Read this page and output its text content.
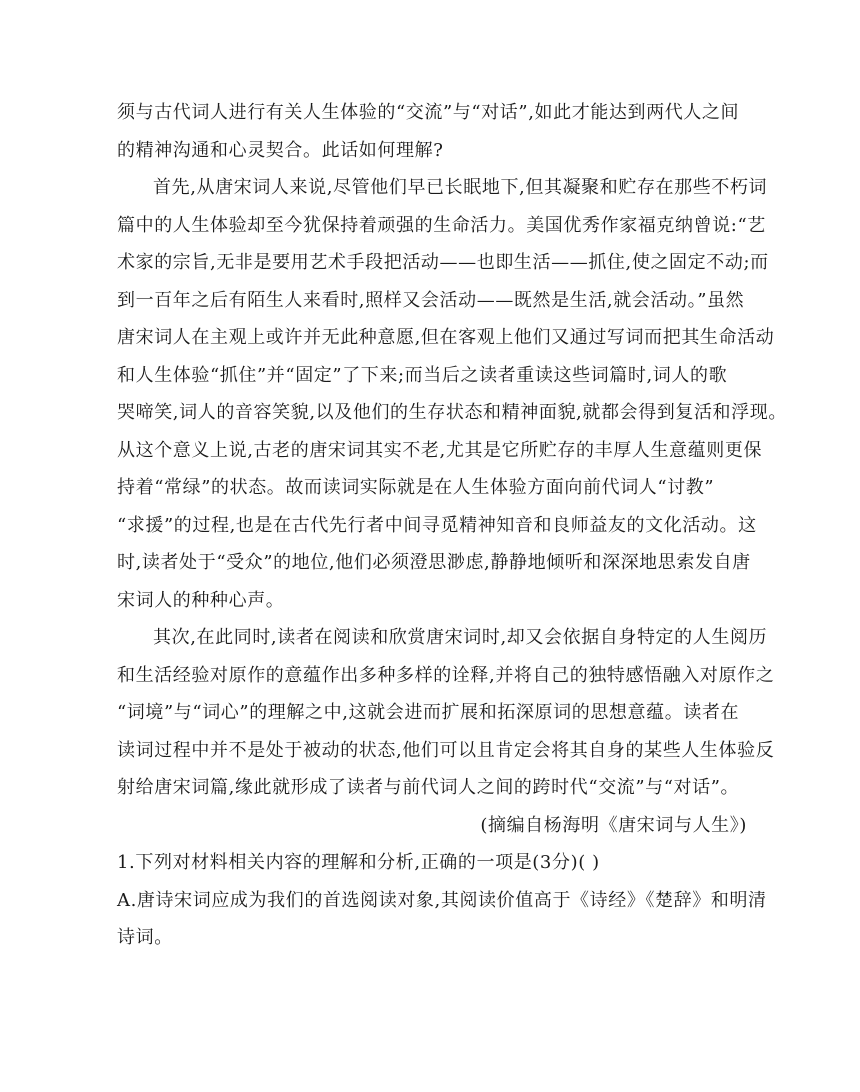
须与古代词人进行有关人生体验的“交流”与“对话”,如此才能达到两代人之间
的精神沟通和心灵契合。此话如何理解?
首先,从唐宋词人来说,尽管他们早已长眠地下,但其凝聚和贮存在那些不朽词
篇中的人生体验却至今犹保持着顽强的生命活力。美国优秀作家福克纳曾说:“艺
术家的宗旨,无非是要用艺术手段把活动——也即生活——抓住,使之固定不动;而
到一百年之后有陌生人来看时,照样又会活动——既然是生活,就会活动。”虽然
唐宋词人在主观上或许并无此种意愿,但在客观上他们又通过写词而把其生命活动
和人生体验“抓住”并“固定”了下来;而当后之读者重读这些词篇时,词人的歌
哭啼笑,词人的音容笑貌,以及他们的生存状态和精神面貌,就都会得到复活和浮现。
从这个意义上说,古老的唐宋词其实不老,尤其是它所贮存的丰厚人生意蕴则更保
持着“常绿”的状态。故而读词实际就是在人生体验方面向前代词人“讨教”
“求援”的过程,也是在古代先行者中间寻觅精神知音和良师益友的文化活动。这
时,读者处于“受众”的地位,他们必须澄思渺虑,静静地倾听和深深地思索发自唐
宋词人的种种心声。
其次,在此同时,读者在阅读和欣赏唐宋词时,却又会依据自身特定的人生阅历
和生活经验对原作的意蕴作出多种多样的诠释,并将自己的独特感悟融入对原作之
“词境”与“词心”的理解之中,这就会进而扩展和拓深原词的思想意蕴。读者在
读词过程中并不是处于被动的状态,他们可以且肯定会将其自身的某些人生体验反
射给唐宋词篇,缘此就形成了读者与前代词人之间的跨时代“交流”与“对话”。
(摘编自杨海明《唐宋词与人生》)
1.下列对材料相关内容的理解和分析,正确的一项是(3分)( )
A.唐诗宋词应成为我们的首选阅读对象,其阅读价值高于《诗经》《楚辞》和明清
诗词。
